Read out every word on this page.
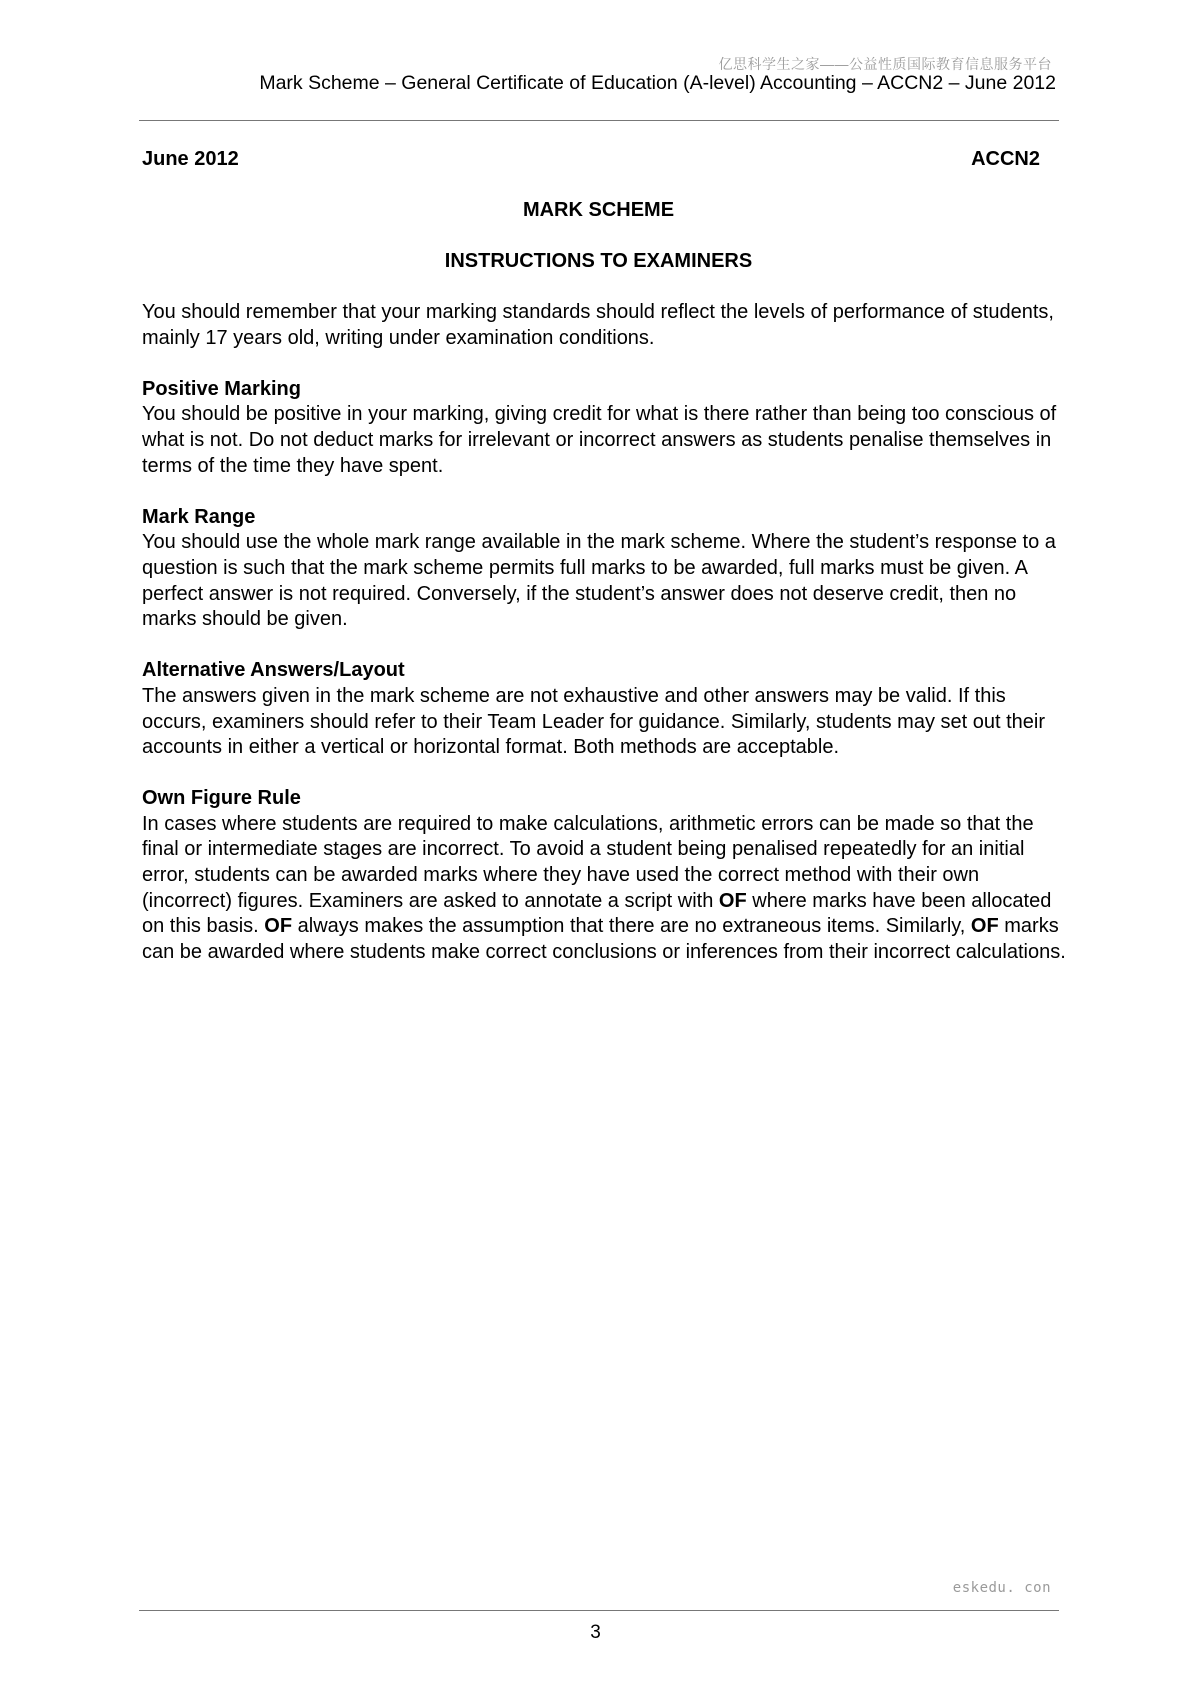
亿思科学生之家——公益性质国际教育信息服务平台
Mark Scheme – General Certificate of Education (A-level) Accounting – ACCN2 – June 2012
June 2012	ACCN2
MARK SCHEME
INSTRUCTIONS TO EXAMINERS

You should remember that your marking standards should reflect the levels of performance of students, mainly 17 years old, writing under examination conditions.

Positive Marking

You should be positive in your marking, giving credit for what is there rather than being too conscious of what is not. Do not deduct marks for irrelevant or incorrect answers as students penalise themselves in terms of the time they have spent.

Mark Range

You should use the whole mark range available in the mark scheme. Where the student’s response to a question is such that the mark scheme permits full marks to be awarded, full marks must be given. A perfect answer is not required. Conversely, if the student’s answer does not deserve credit, then no marks should be given.

Alternative Answers/Layout

The answers given in the mark scheme are not exhaustive and other answers may be valid. If this occurs, examiners should refer to their Team Leader for guidance. Similarly, students may set out their accounts in either a vertical or horizontal format. Both methods are acceptable.

Own Figure Rule

In cases where students are required to make calculations, arithmetic errors can be made so that the final or intermediate stages are incorrect. To avoid a student being penalised repeatedly for an initial error, students can be awarded marks where they have used the correct method with their own (incorrect) figures. Examiners are asked to annotate a script with OF where marks have been allocated on this basis. OF always makes the assumption that there are no extraneous items. Similarly, OF marks can be awarded where students make correct conclusions or inferences from their incorrect calculations.

eskedu. con
3
